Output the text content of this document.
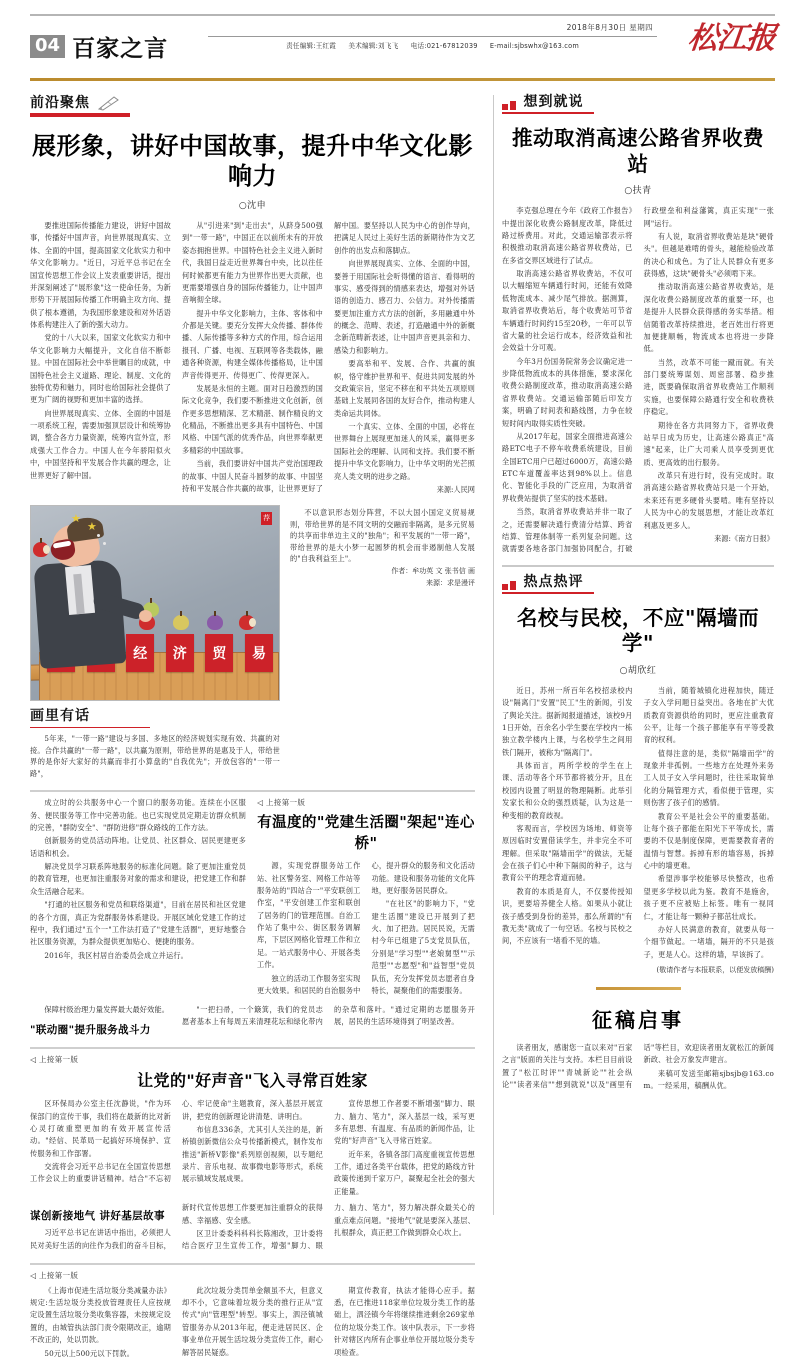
04 百家之言
2018年8月30日 星期四
责任编辑:王红霞 美术编辑:刘飞飞 电话:021-67812039 E-mail:sjbswhx@163.com	松江报
前沿聚焦
展形象，讲好中国故事，提升中华文化影响力
○沈申

要推进国际传播能力建设，讲好中国故事，传播好中国声音，向世界展现真实、立体、全面的中国，提高国家文化软实力和中华文化影响力。"近日，习近平总书记在全国宣传思想工作会议上发表重要讲话，提出并深刻阐述了"展形象"这一使命任务，为新形势下开展国际传播工作明确主攻方向、提供了根本遵循，为我国形象建设和对外话语体系构建注入了新的强大动力。

党的十八大以来，国家文化软实力和中华文化影响力大幅提升，文化自信不断彰显。中国在国际社会中举世瞩目的成就，中国特色社会主义道路、理论、制度、文化的独特优势和魅力，同时也给国际社会提供了更为广阔的视野和更加丰富的选择。

向世界展现真实、立体、全面的中国是一项系统工程，需要加强顶层设计和统筹协调，整合各方力量资源，统筹内宣外宣，形成强大工作合力。中国人在今年骄阳似火中，中国坚持和平发展合作共赢的理念，让世界更好了解中国。

从"引进来"到"走出去"，从跻身500强到"一带一路"，中国正在以前所未有的开放姿态拥抱世界。中国特色社会主义进入新时代，我国日益走近世界舞台中央，比以往任何时候都更有能力为世界作出更大贡献，也更需要增强自身的国际传播能力，让中国声音响彻全球。

提升中华文化影响力，主体、客体和中介都是关键。要充分发挥大众传播、群体传播、人际传播等多种方式的作用，综合运用报刊、广播、电视、互联网等各类载体，融通各种资源，构建全媒体传播格局，让中国声音传得更开、传得更广、传得更深入。

发展是永恒的主题。面对日趋激烈的国际文化竞争，我们要不断推进文化创新，创作更多思想精深、艺术精湛、制作精良的文化精品，不断推出更多具有中国特色、中国风格、中国气派的优秀作品，向世界奉献更多精彩的中国故事。

当前，我们要讲好中国共产党治国理政的故事、中国人民奋斗圆梦的故事、中国坚持和平发展合作共赢的故事，让世界更好了解中国。要坚持以人民为中心的创作导向，把满足人民过上美好生活的新期待作为文艺创作的出发点和落脚点。

向世界展现真实、立体、全面的中国，要善于用国际社会听得懂的语言、看得明的事实、感受得到的情感来表达，增强对外话语的创造力、感召力、公信力。对外传播需要更加注重方式方法的创新，多用融通中外的概念、范畴、表述，打造融通中外的新概念新范畴新表述，让中国声音更具亲和力、感染力和影响力。

要高举和平、发展、合作、共赢的旗帜，恪守维护世界和平、促进共同发展的外交政策宗旨，坚定不移在和平共处五项原则基础上发展同各国的友好合作，推动构建人类命运共同体。

一个真实、立体、全面的中国，必将在世界舞台上展现更加迷人的风采，赢得更多国际社会的理解、认同和支持。我们要不断提升中华文化影响力，让中华文明的光芒照亮人类文明的进步之路。

来源:人民网
荐
★
★
经	济	贸	易
画里有话

5年来，"一带一路"建设与多国、多地区的经济规划实现有效、共赢的对接。合作共赢的"一带一路"，以共赢为原则，带给世界的是惠及于人，带给世界的是你好大家好的共赢而非打小算盘的"自我优先"；开放包容的"一带一路"，

不以意识形态划分阵营，不以大国小国定义贸易规则，带给世界的是不同文明的交融而非隔离，是多元贸易的共享而非单边主义的"独角"；和平发展的"一带一路"，带给世界的是大小梦一起圆梦的机会而非遏制他人发展的"自我利益至上"。

作者：牟功英 文 张书信 画
来源：求是漫评

成立时的公共服务中心一个窗口的服务功能。连续在小区服务、便民服务等工作中完善功能。也已实现党员定期走访群众机制的完善，"群防安全"、"群防进修"群众路线的工作方法。

创新服务的党员活动阵地。让党员、社区群众、居民更建更多话语和机会。

解决党员学习联系阵地服务的标准化问题。除了更加注重党员的教育管理，也更加注重服务对象的需求和建设，把党建工作和群众生活融合起来。

"打通的社区服务和党员和联络渠道"，目前在居民和社区党建的各个方面，真正为党群服务体系建设。开展区域化党建工作的过程中，我们通过"五个一"工作法打造了"党建生活圈"，更好地整合社区服务资源，为群众提供更加贴心、便捷的服务。

2016年，我区村居自治委员会成立并运行。

◁ 上接第一版
有温度的"党建生活圈"架起"连心桥"

源，实现党群服务站工作站、社区警务室、网格工作站等服务站的"四站合一"平安联创工作室，"平安创建工作室和联创了居务的门的管理范围。自治工作站了集中公、街区服务调解库，下层区网格化管理工作和立足。一站式服务中心、开展各类工作。

独立的活动工作服务室实现更大效果。和居民的自治服务中心，提升群众的服务和文化活动功能。建设和服务功能的文化阵地，更好服务居民群众。

"在社区"的影响力下，"党建生活圈"建设已开展到了把火、加了把劲。居民民说，无需村今年已组建了5支党员队伍，分别是"学习型""老娘舅型""示范型""志愿型"和"益智型"党员队伍，充分发挥党员志愿者自身特长，凝聚他们的需要服务。

保障村级治理力量发挥最大最好效能。

"联动圈"提升服务战斗力

"一把扫帚，一个簸箕，我们的党员志愿者基本上有每周五来清理花坛和绿化带内的杂草和落叶。"通过定期的志愿服务开展，居民的生活环境得到了明显改善。

◁ 上接第一版
让党的"好声音"飞入寻常百姓家

区环保局办公室主任沈静说，"作为环保部门的宣传干事，我们将在最新的比对新心灵打破重塑更加的有效开展宣传活动。"经信、民革局一起搞好环境保护、宣传服务和工作部署。

交流将会习近平总书记在全国宣传思想工作会议上的重要讲话精神。结合"不忘初心、牢记使命"主题教育，深入基层开展宣讲，把党的创新理论讲清楚、讲明白。

布信息336条，尤其引人关注的是，新桥镇创新微信公众号传播新模式，制作发布推送"新桥V影像"系列原创视频，以专题纪录片、音乐电视、故事微电影等形式，系统展示镇域发展成果。

宣传思想工作者要不断增强"脚力、眼力、脑力、笔力"，深入基层一线，采写更多有思想、有温度、有品质的新闻作品，让党的"好声音"飞入寻常百姓家。

近年来，各镇各部门高度重视宣传思想工作，通过各类平台载体，把党的路线方针政策传递到千家万户，凝聚起全社会的强大正能量。

谋创新接地气 讲好基层故事

习近平总书记在讲话中指出，必须把人民对美好生活的向往作为我们的奋斗目标，新时代宣传思想工作要更加注重群众的获得感、幸福感、安全感。

区卫计委委科科科长陈湘改，卫计委将结合医疗卫生宣传工作，增强"脚力、眼力、脑力、笔力"，努力解决群众最关心的重点难点问题。"接地气"就是要深入基层、扎根群众，真正把工作做到群众心坎上。

◁ 上接第一版

《上海市促进生活垃圾分类减量办法》规定:生活垃圾分类投放管理责任人应按规定设置生活垃圾分类收集容器，未按规定设置的，由城管执法部门责令限期改正，逾期不改正的，处以罚款。

50元以上500元以下罚款。

此次垃圾分类罚单金额虽不大，但意义却不小，它意味着垃圾分类的推行正从"宣传式"向"管理型"转型。事实上，泗泾镇城管服务办从2013年起，便走进居民区、企事业单位开展生活垃圾分类宣传工作，耐心解答居民疑惑。

期宣传教育，执法才能得心应手。据悉，在已推进118家单位垃圾分类工作的基础上，泗泾镇今年将继续推进剩余269家单位的垃圾分类工作。该中队表示，下一步将针对辖区内所有企事业单位开展垃圾分类专项检查。

想到就说
推动取消高速公路省界收费站
○扶青

李克强总理在今年《政府工作报告》中提出深化收费公路制度改革，降低过路过桥费用。对此，交通运输部表示将积极推动取消高速公路省界收费站，已在多省交界区域进行了试点。

取消高速公路省界收费站，不仅可以大幅缩短车辆通行时间，还能有效降低物流成本、减少尾气排放。据测算，取消省界收费站后，每个收费站可节省车辆通行时间约15至20秒，一年可以节省大量的社会运行成本，经济效益和社会效益十分可观。

今年3月份国务院常务会议确定进一步降低物流成本的具体措施，要求深化收费公路制度改革，推动取消高速公路省界收费站。交通运输部随后印发方案，明确了时间表和路线图，力争在较短时间内取得实质性突破。

从2017年起，国家全面推进高速公路ETC电子不停车收费系统建设，目前全国ETC用户已超过6000万，高速公路ETC车道覆盖率达到98%以上。信息化、智能化手段的广泛应用，为取消省界收费站提供了坚实的技术基础。

当然，取消省界收费站并非一取了之，还需要解决通行费清分结算、跨省结算、管理体制等一系列复杂问题。这就需要各地各部门加强协同配合，打破行政壁垒和利益藩篱，真正实现"一张网"运行。

有人说，取消省界收费站是块"硬骨头"。但越是难啃的骨头，越能检验改革的决心和成色。为了让人民群众有更多获得感，这块"硬骨头"必须啃下来。

推动取消高速公路省界收费站，是深化收费公路制度改革的重要一环，也是提升人民群众获得感的务实举措。相信随着改革持续推进，老百姓出行将更加便捷顺畅，物流成本也将进一步降低。

当然，改革不可能一蹴而就。有关部门要统筹谋划、周密部署、稳步推进，既要确保取消省界收费站工作顺利实施，也要保障公路通行安全和收费秩序稳定。

期待在各方共同努力下，省界收费站早日成为历史，让高速公路真正"高速"起来，让广大司乘人员享受到更优质、更高效的出行服务。

改革只有进行时，没有完成时。取消高速公路省界收费站只是一个开始，未来还有更多硬骨头要啃。唯有坚持以人民为中心的发展思想，才能让改革红利惠及更多人。

来源:《南方日报》
热点热评
名校与民校，不应"隔墙而学"
○胡欣红

近日，苏州一所百年名校招录校内设"隔离门"安置"民工"生的新闻，引发了舆论关注。据新闻报道描述，该校9月1日开始，百余名小学生要在学校内一栋独立教学楼内上课，与名校学生之间用铁门隔开，被称为"隔离门"。

具体而言，两所学校的学生在上课、活动等各个环节都将被分开，且在校园内设置了明显的物理隔断。此举引发家长和公众的强烈质疑，认为这是一种变相的教育歧视。

客观而言，学校因为场地、师资等原因临时安置借读学生，并非完全不可理解。但采取"隔墙而学"的做法，无疑会在孩子们心中种下隔阂的种子，这与教育公平的理念背道而驰。

教育的本质是育人，不仅要传授知识，更要培养健全人格。如果从小就让孩子感受到身份的差异，那么所谓的"有教无类"就成了一句空话。名校与民校之间，不应该有一堵看不见的墙。

当前，随着城镇化进程加快，随迁子女入学问题日益突出。各地在扩大优质教育资源供给的同时，更应注重教育公平，让每一个孩子都能享有平等受教育的权利。

值得注意的是，类似"隔墙而学"的现象并非孤例。一些地方在处理外来务工人员子女入学问题时，往往采取简单化的分隔管理方式，看似便于管理，实则伤害了孩子们的感情。

教育公平是社会公平的重要基础。让每个孩子都能在阳光下平等成长，需要的不仅是制度保障，更需要教育者的温情与智慧。拆掉有形的墙容易，拆掉心中的墙更难。

希望涉事学校能够尽快整改，也希望更多学校以此为鉴。教育不是施舍，孩子更不应被贴上标签。唯有一视同仁，才能让每一颗种子都茁壮成长。

办好人民满意的教育，就要从每一个细节做起。一堵墙，隔开的不只是孩子，更是人心。这样的墙，早该拆了。

(敬请作者与本报联系，以便发放稿酬)
征稿启事

读者朋友，感谢您一直以来对"百家之言"版面的关注与支持。本栏目目前设置了"松江时评""青城新论""社会纵论""读者来信""想到就说"以及"画里有话"等栏目，欢迎读者朋友就松江的新闻新政、社会万象发声建言。

来稿可发送至邮箱sjbsjb@163.com。一经采用，稿酬从优。
